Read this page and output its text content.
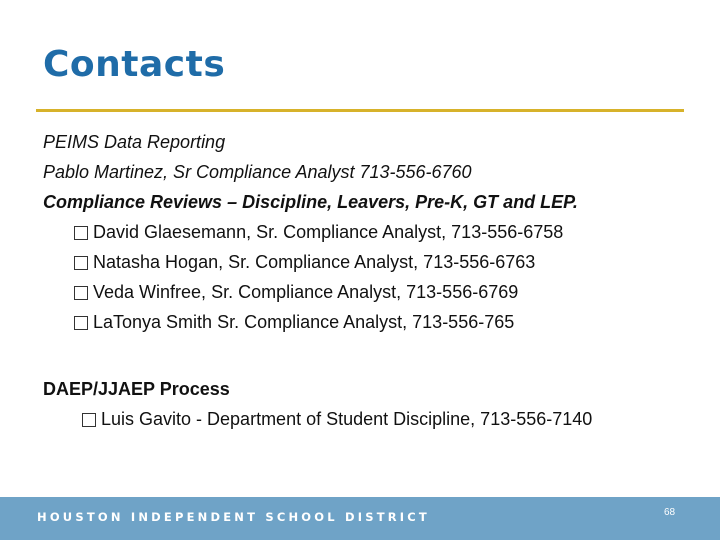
Contacts
PEIMS Data Reporting
Pablo Martinez, Sr Compliance Analyst 713-556-6760
Compliance Reviews – Discipline, Leavers, Pre-K, GT and LEP.
David Glaesemann, Sr. Compliance Analyst, 713-556-6758
Natasha Hogan, Sr. Compliance Analyst, 713-556-6763
Veda Winfree, Sr. Compliance Analyst, 713-556-6769
LaTonya Smith Sr. Compliance Analyst, 713-556-765
DAEP/JJAEP Process
Luis Gavito - Department of Student Discipline, 713-556-7140
HOUSTON INDEPENDENT SCHOOL DISTRICT	68
